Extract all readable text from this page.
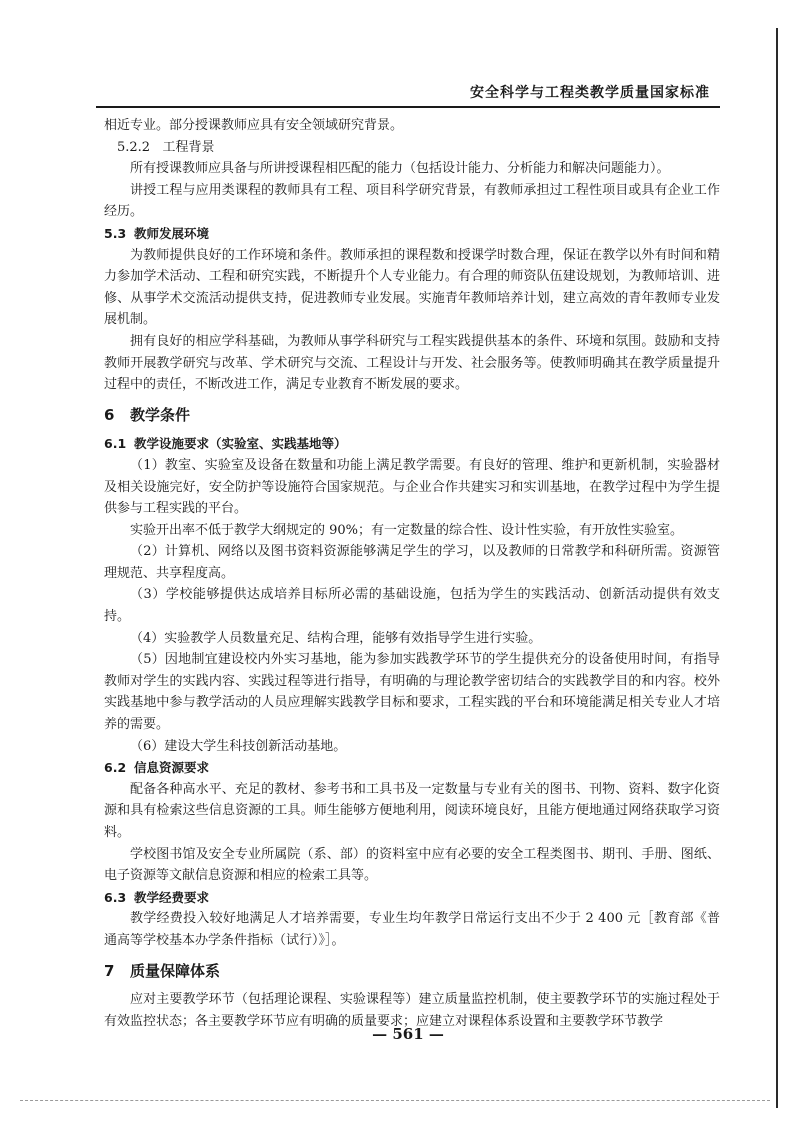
安全科学与工程类教学质量国家标准

相近专业。部分授课教师应具有安全领域研究背景。

5.2.2 工程背景

所有授课教师应具备与所讲授课程相匹配的能力（包括设计能力、分析能力和解决问题能力）。

讲授工程与应用类课程的教师具有工程、项目科学研究背景，有教师承担过工程性项目或具有企业工作经历。

5.3 教师发展环境

为教师提供良好的工作环境和条件。教师承担的课程数和授课学时数合理，保证在教学以外有时间和精力参加学术活动、工程和研究实践，不断提升个人专业能力。有合理的师资队伍建设规划，为教师培训、进修、从事学术交流活动提供支持，促进教师专业发展。实施青年教师培养计划，建立高效的青年教师专业发展机制。

拥有良好的相应学科基础，为教师从事学科研究与工程实践提供基本的条件、环境和氛围。鼓励和支持教师开展教学研究与改革、学术研究与交流、工程设计与开发、社会服务等。使教师明确其在教学质量提升过程中的责任，不断改进工作，满足专业教育不断发展的要求。

6 教学条件

6.1 教学设施要求（实验室、实践基地等）

（1）教室、实验室及设备在数量和功能上满足教学需要。有良好的管理、维护和更新机制，实验器材及相关设施完好，安全防护等设施符合国家规范。与企业合作共建实习和实训基地，在教学过程中为学生提供参与工程实践的平台。

实验开出率不低于教学大纲规定的 90%；有一定数量的综合性、设计性实验，有开放性实验室。

（2）计算机、网络以及图书资料资源能够满足学生的学习，以及教师的日常教学和科研所需。资源管理规范、共享程度高。

（3）学校能够提供达成培养目标所必需的基础设施，包括为学生的实践活动、创新活动提供有效支持。

（4）实验教学人员数量充足、结构合理，能够有效指导学生进行实验。

（5）因地制宜建设校内外实习基地，能为参加实践教学环节的学生提供充分的设备使用时间，有指导教师对学生的实践内容、实践过程等进行指导，有明确的与理论教学密切结合的实践教学目的和内容。校外实践基地中参与教学活动的人员应理解实践教学目标和要求，工程实践的平台和环境能满足相关专业人才培养的需要。

（6）建设大学生科技创新活动基地。

6.2 信息资源要求

配备各种高水平、充足的教材、参考书和工具书及一定数量与专业有关的图书、刊物、资料、数字化资源和具有检索这些信息资源的工具。师生能够方便地利用，阅读环境良好，且能方便地通过网络获取学习资料。

学校图书馆及安全专业所属院（系、部）的资料室中应有必要的安全工程类图书、期刊、手册、图纸、电子资源等文献信息资源和相应的检索工具等。

6.3 教学经费要求

教学经费投入较好地满足人才培养需要，专业生均年教学日常运行支出不少于 2 400 元［教育部《普通高等学校基本办学条件指标（试行）》］。

7 质量保障体系

应对主要教学环节（包括理论课程、实验课程等）建立质量监控机制，使主要教学环节的实施过程处于有效监控状态；各主要教学环节应有明确的质量要求；应建立对课程体系设置和主要教学环节教学

— 561 —
